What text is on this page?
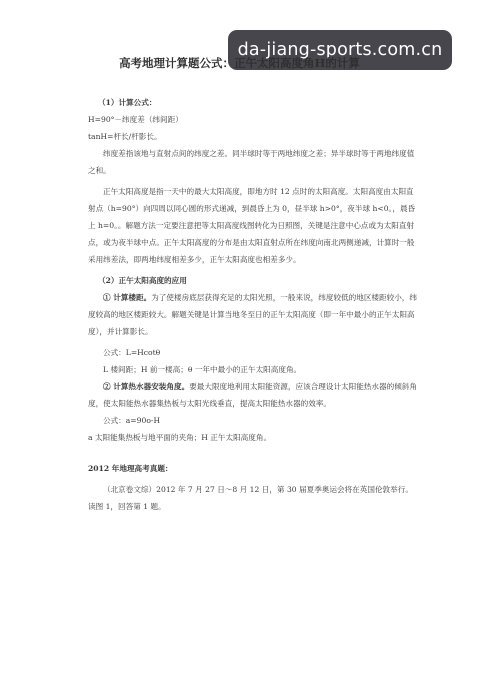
da-jiang-sports.com.cn
高考地理计算题公式：正午太阳高度角H的计算

（1）计算公式：

H=90°－纬度差（纬间距）

tanH=杆长/杆影长。

纬度差指该地与直射点间的纬度之差。同半球时等于两地纬度之差；异半球时等于两地纬度值之和。

正午太阳高度是指一天中的最大太阳高度，即地方时 12 点时的太阳高度。太阳高度由太阳直射点（h=90°）向四周以同心圆的形式递减，到晨昏上为 0，昼半球 h>0°，夜半球 h<0。，晨昏上 h=0。。解题方法一定要注意把等太阳高度线图转化为日照图，关键是注意中心点或为太阳直射点，或为夜半球中点。正午太阳高度的分布是由太阳直射点所在纬度向南北两侧递减，计算时一般采用纬差法，即两地纬度相差多少，正午太阳高度也相差多少。

（2）正午太阳高度的应用

① 计算楼距。为了使楼房底层获得充足的太阳光照，一般来说，纬度较低的地区楼距较小，纬度较高的地区楼距较大。解题关键是计算当地冬至日的正午太阳高度（即一年中最小的正午太阳高度），并计算影长。

公式：L=Hcotθ

L 楼间距；H 前一楼高；θ 一年中最小的正午太阳高度角。

② 计算热水器安装角度。要最大限度地利用太阳能资源，应该合理设计太阳能热水器的倾斜角度，使太阳能热水器集热板与太阳光线垂直，提高太阳能热水器的效率。

公式：a=90o-H

a 太阳能集热板与地平面的夹角；H 正午太阳高度角。

2012 年地理高考真题：

（北京卷文综）2012 年 7 月 27 日～8 月 12 日，第 30 届夏季奥运会将在英国伦敦举行。读图 1，回答第 1 题。
